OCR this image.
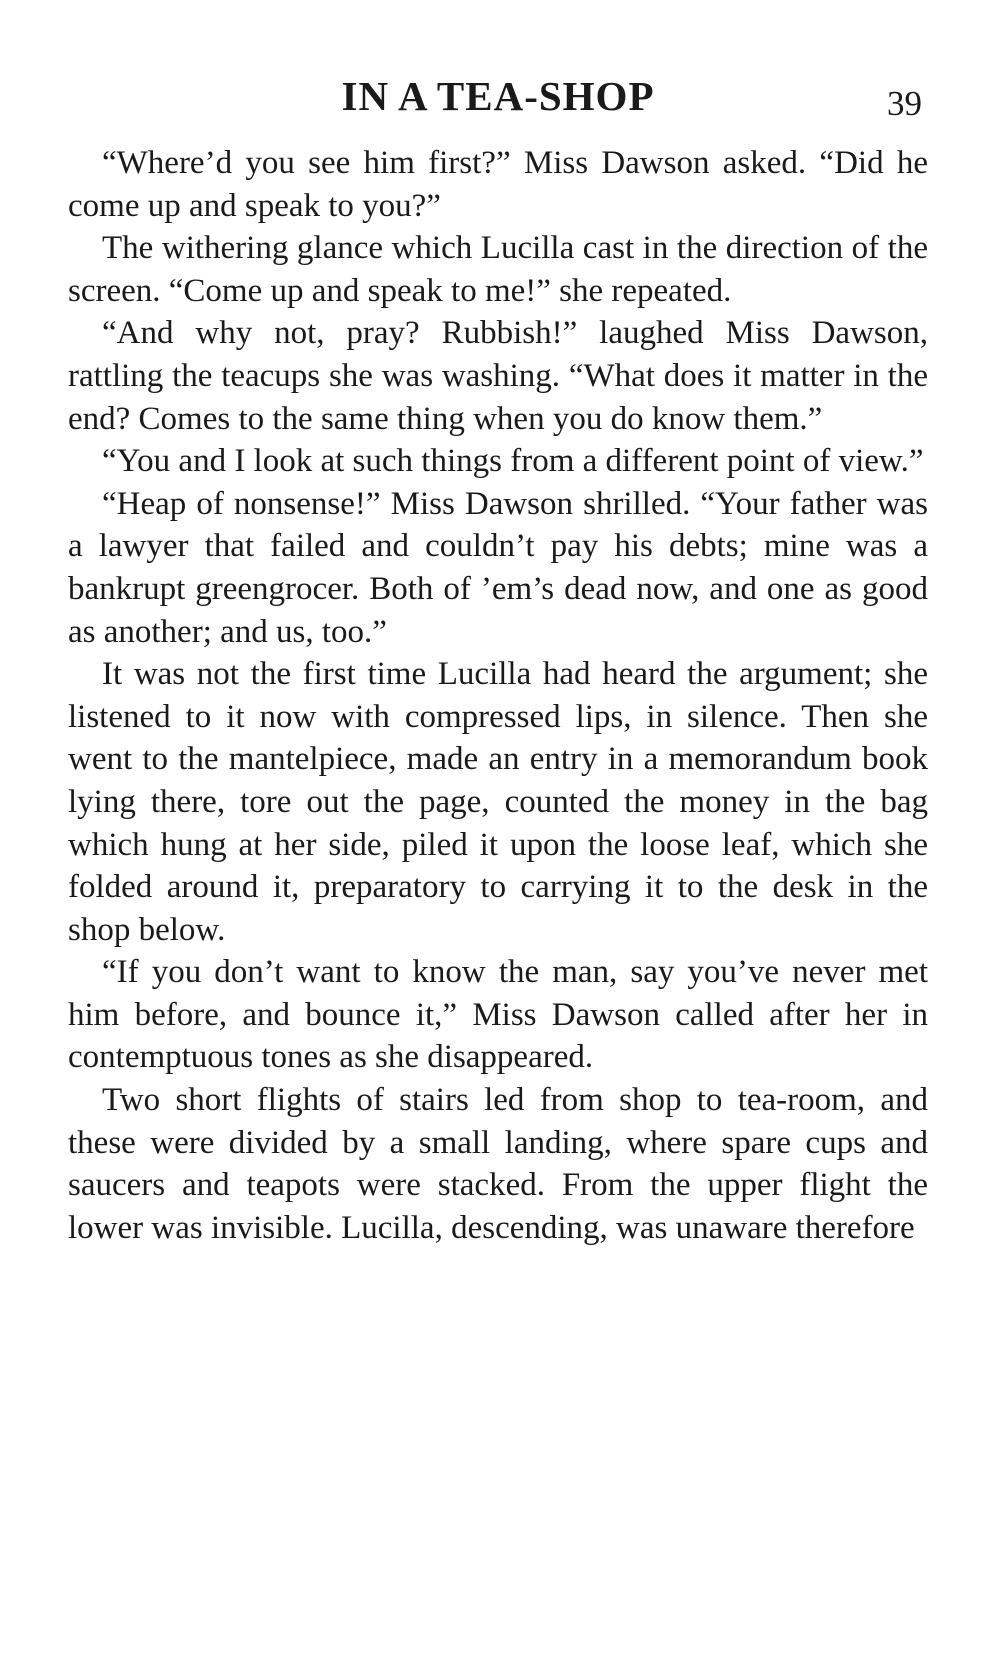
IN A TEA-SHOP	39

“Where’d you see him first?” Miss Dawson asked. “Did he come up and speak to you?”

The withering glance which Lucilla cast in the direction of the screen. “Come up and speak to me!” she repeated.

“And why not, pray? Rubbish!” laughed Miss Dawson, rattling the teacups she was washing. “What does it matter in the end? Comes to the same thing when you do know them.”

“You and I look at such things from a different point of view.”

“Heap of nonsense!” Miss Dawson shrilled. “Your father was a lawyer that failed and couldn’t pay his debts; mine was a bankrupt greengrocer. Both of ’em’s dead now, and one as good as another; and us, too.”

It was not the first time Lucilla had heard the argument; she listened to it now with compressed lips, in silence. Then she went to the mantelpiece, made an entry in a memorandum book lying there, tore out the page, counted the money in the bag which hung at her side, piled it upon the loose leaf, which she folded around it, preparatory to carrying it to the desk in the shop below.

“If you don’t want to know the man, say you’ve never met him before, and bounce it,” Miss Dawson called after her in contemptuous tones as she disappeared.

Two short flights of stairs led from shop to tea-room, and these were divided by a small landing, where spare cups and saucers and teapots were stacked. From the upper flight the lower was invisible. Lucilla, descending, was unaware therefore
